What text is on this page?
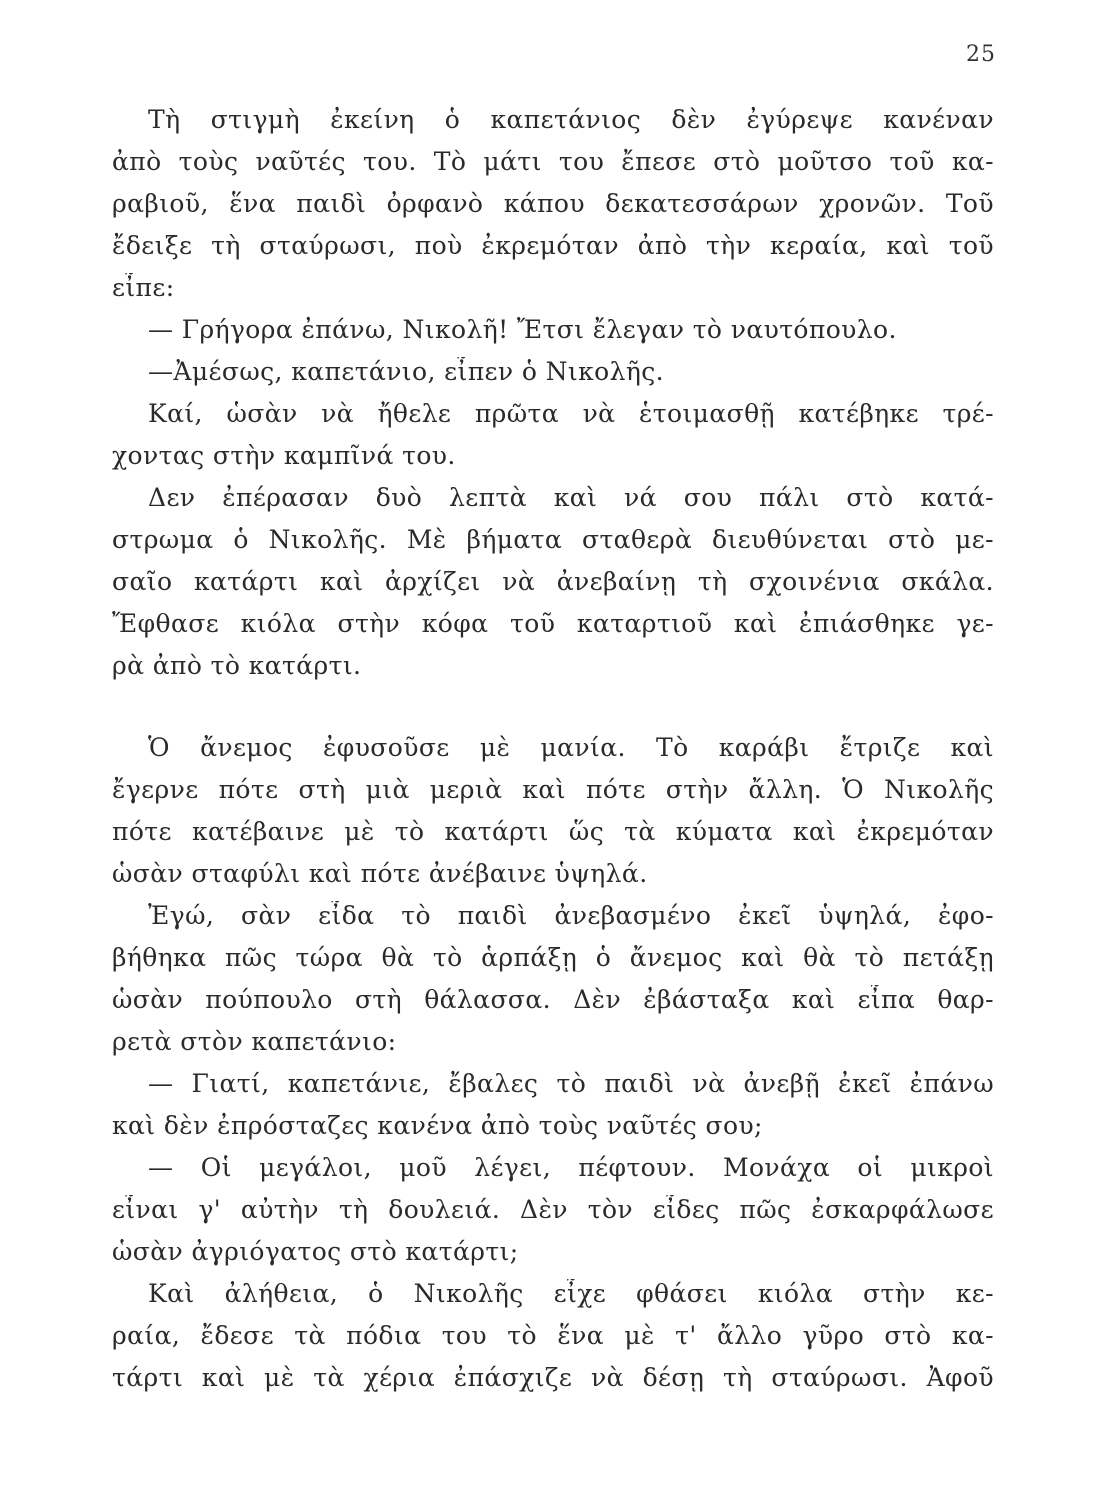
25
Τὴ στιγμὴ ἐκείνη ὁ καπετάνιος δὲν ἐγύρεψε κανέναν
ἀπὸ τοὺς ναῦτές του. Τὸ μάτι του ἔπεσε στὸ μοῦτσο τοῦ κα-
ραβιοῦ, ἕνα παιδὶ ὀρφανὸ κάπου δεκατεσσάρων χρονῶν. Τοῦ
ἔδειξε τὴ σταύρωσι, ποὺ ἐκρεμόταν ἀπὸ τὴν κεραία, καὶ τοῦ
εἶπε:
— Γρήγορα ἐπάνω, Νικολῆ! Ἔτσι ἔλεγαν τὸ ναυτόπουλο.
—Ἀμέσως, καπετάνιο, εἶπεν ὁ Νικολῆς.
Καί, ὡσὰν νὰ ἤθελε πρῶτα νὰ ἑτοιμασθῇ κατέβηκε τρέ-
χοντας στὴν καμπῖνά του.
Δεν ἐπέρασαν δυὸ λεπτὰ καὶ νά σου πάλι στὸ κατά-
στρωμα ὁ Νικολῆς. Μὲ βήματα σταθερὰ διευθύνεται στὸ με-
σαῖο κατάρτι καὶ ἀρχίζει νὰ ἀνεβαίνῃ τὴ σχοινένια σκάλα.
Ἔφθασε κιόλα στὴν κόφα τοῦ καταρτιοῦ καὶ ἐπιάσθηκε γε-
ρὰ ἀπὸ τὸ κατάρτι.
Ὁ ἄνεμος ἐφυσοῦσε μὲ μανία. Τὸ καράβι ἔτριζε καὶ
ἔγερνε πότε στὴ μιὰ μεριὰ καὶ πότε στὴν ἄλλη. Ὁ Νικολῆς
πότε κατέβαινε μὲ τὸ κατάρτι ὥς τὰ κύματα καὶ ἐκρεμόταν
ὡσὰν σταφύλι καὶ πότε ἀνέβαινε ὑψηλά.
Ἐγώ, σὰν εἶδα τὸ παιδὶ ἀνεβασμένο ἐκεῖ ὑψηλά, ἐφο-
βήθηκα πῶς τώρα θὰ τὸ ἁρπάξῃ ὁ ἄνεμος καὶ θὰ τὸ πετάξῃ
ὡσὰν πούπουλο στὴ θάλασσα. Δὲν ἐβάσταξα καὶ εἶπα θαρ-
ρετὰ στὸν καπετάνιο:
— Γιατί, καπετάνιε, ἔβαλες τὸ παιδὶ νὰ ἀνεβῇ ἐκεῖ ἐπάνω
καὶ δὲν ἐπρόσταζες κανένα ἀπὸ τοὺς ναῦτές σου;
— Οἱ μεγάλοι, μοῦ λέγει, πέφτουν. Μονάχα οἱ μικροὶ
εἶναι γ' αὐτὴν τὴ δουλειά. Δὲν τὸν εἶδες πῶς ἐσκαρφάλωσε
ὡσὰν ἀγριόγατος στὸ κατάρτι;
Καὶ ἀλήθεια, ὁ Νικολῆς εἶχε φθάσει κιόλα στὴν κε-
ραία, ἔδεσε τὰ πόδια του τὸ ἕνα μὲ τ' ἄλλο γῦρο στὸ κα-
τάρτι καὶ μὲ τὰ χέρια ἐπάσχιζε νὰ δέσῃ τὴ σταύρωσι. Ἀφοῦ
